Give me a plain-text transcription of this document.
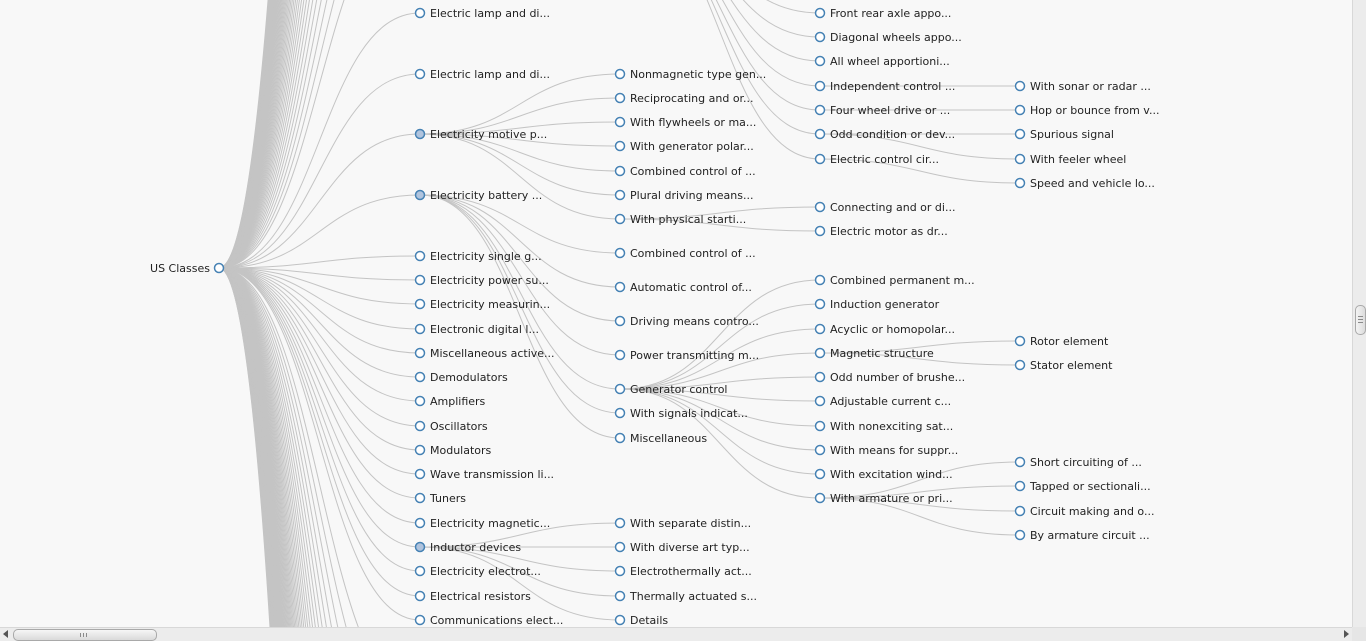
US Classes
Electric lamp and di...
Electric lamp and di...
Electricity motive p...
Electricity battery ...
Electricity single g...
Electricity power su...
Electricity measurin...
Electronic digital l...
Miscellaneous active...
Demodulators
Amplifiers
Oscillators
Modulators
Wave transmission li...
Tuners
Electricity magnetic...
Inductor devices
Electricity electrot...
Electrical resistors
Communications elect...
Nonmagnetic type gen...
Reciprocating and or...
With flywheels or ma...
With generator polar...
Combined control of ...
Plural driving means...
With physical starti...
Combined control of ...
Automatic control of...
Driving means contro...
Power transmitting m...
Generator control
With signals indicat...
Miscellaneous
With separate distin...
With diverse art typ...
Electrothermally act...
Thermally actuated s...
Details
Front rear axle appo...
Diagonal wheels appo...
All wheel apportioni...
Independent control ...
Four wheel drive or ...
Odd condition or dev...
Electric control cir...
Connecting and or di...
Electric motor as dr...
Combined permanent m...
Induction generator
Acyclic or homopolar...
Magnetic structure
Odd number of brushe...
Adjustable current c...
With nonexciting sat...
With means for suppr...
With excitation wind...
With armature or pri...
With sonar or radar ...
Hop or bounce from v...
Spurious signal
With feeler wheel
Speed and vehicle lo...
Rotor element
Stator element
Short circuiting of ...
Tapped or sectionali...
Circuit making and o...
By armature circuit ...
